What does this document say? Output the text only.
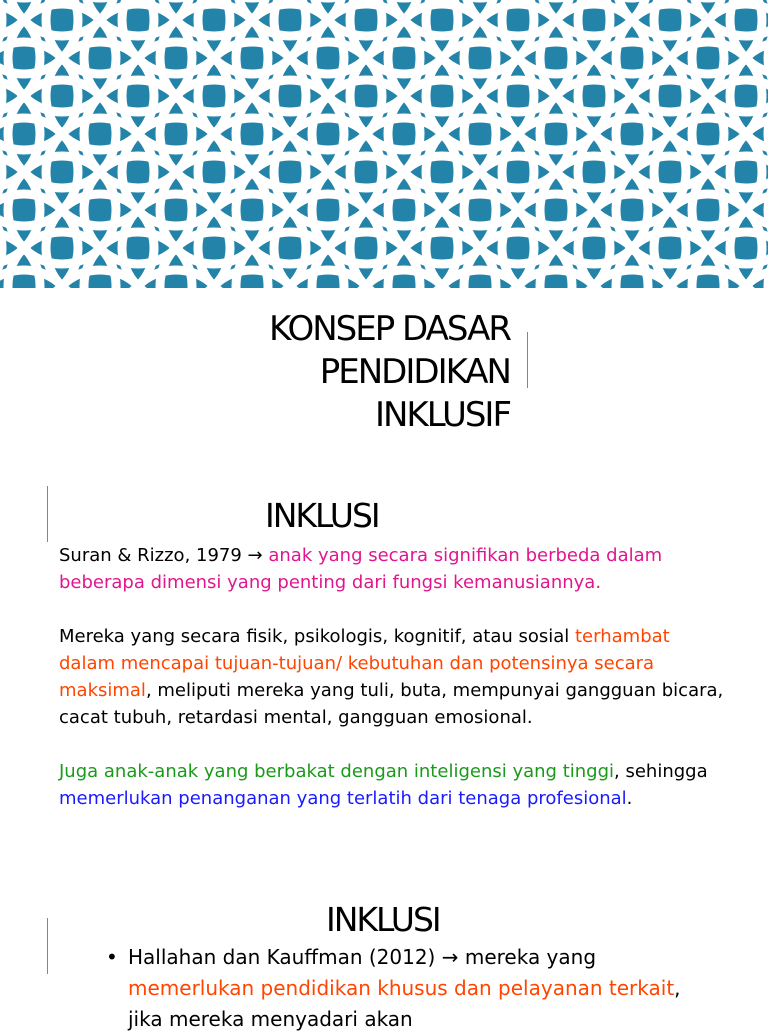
KONSEP DASAR
PENDIDIKAN
INKLUSIF
INKLUSI

Suran & Rizzo, 1979 → anak yang secara signifikan berbeda dalam beberapa dimensi yang penting dari fungsi kemanusiannya.

Mereka yang secara fisik, psikologis, kognitif, atau sosial terhambat dalam mencapai tujuan-tujuan/ kebutuhan dan potensinya secara maksimal, meliputi mereka yang tuli, buta, mempunyai gangguan bicara, cacat tubuh, retardasi mental, gangguan emosional.

Juga anak-anak yang berbakat dengan inteligensi yang tinggi, sehingga memerlukan penanganan yang terlatih dari tenaga profesional.

INKLUSI
• Hallahan dan Kauffman (2012) → mereka yang memerlukan pendidikan khusus dan pelayanan terkait, jika mereka menyadari akan
